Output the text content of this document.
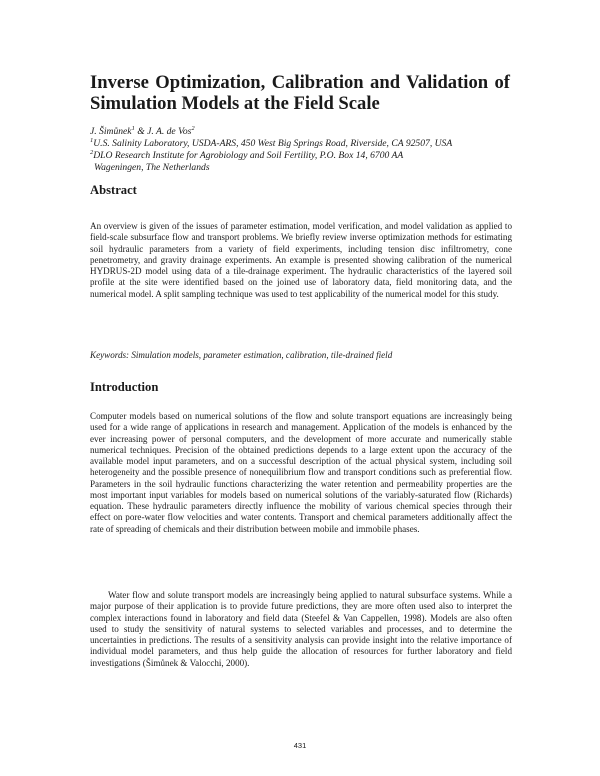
Inverse Optimization, Calibration and Validation of Simulation Models at the Field Scale
J. Šimůnek$^1$ & J. A. de Vos$^2$
$^1$U.S. Salinity Laboratory, USDA-ARS, 450 West Big Springs Road, Riverside, CA 92507, USA
$^2$DLO Research Institute for Agrobiology and Soil Fertility, P.O. Box 14, 6700 AA
Wageningen, The Netherlands
Abstract

An overview is given of the issues of parameter estimation, model verification, and model validation as applied to field-scale subsurface flow and transport problems. We briefly review inverse optimization methods for estimating soil hydraulic parameters from a variety of field experiments, including tension disc infiltrometry, cone penetrometry, and gravity drainage experiments. An example is presented showing calibration of the numerical HYDRUS-2D model using data of a tile-drainage experiment. The hydraulic characteristics of the layered soil profile at the site were identified based on the joined use of laboratory data, field monitoring data, and the numerical model. A split sampling technique was used to test applicability of the numerical model for this study.

Keywords: Simulation models, parameter estimation, calibration, tile-drained field

Introduction

Computer models based on numerical solutions of the flow and solute transport equations are increasingly being used for a wide range of applications in research and management. Application of the models is enhanced by the ever increasing power of personal computers, and the development of more accurate and numerically stable numerical techniques. Precision of the obtained predictions depends to a large extent upon the accuracy of the available model input parameters, and on a successful description of the actual physical system, including soil heterogeneity and the possible presence of nonequilibrium flow and transport conditions such as preferential flow. Parameters in the soil hydraulic functions characterizing the water retention and permeability properties are the most important input variables for models based on numerical solutions of the variably-saturated flow (Richards) equation. These hydraulic parameters directly influence the mobility of various chemical species through their effect on pore-water flow velocities and water contents. Transport and chemical parameters additionally affect the rate of spreading of chemicals and their distribution between mobile and immobile phases.

Water flow and solute transport models are increasingly being applied to natural subsurface systems. While a major purpose of their application is to provide future predictions, they are more often used also to interpret the complex interactions found in laboratory and field data (Steefel & Van Cappellen, 1998). Models are also often used to study the sensitivity of natural systems to selected variables and processes, and to determine the uncertainties in predictions. The results of a sensitivity analysis can provide insight into the relative importance of individual model parameters, and thus help guide the allocation of resources for further laboratory and field investigations (Šimůnek & Valocchi, 2000).

431
